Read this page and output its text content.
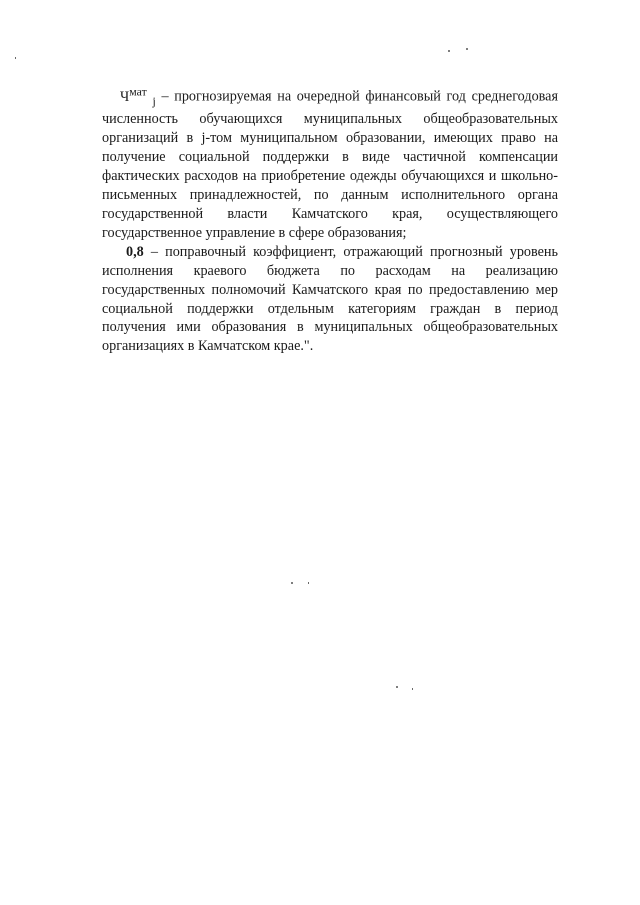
$Ч^{мат}$ $_j$ – прогнозируемая на очередной финансовый год среднегодовая численность обучающихся муниципальных общеобразовательных организаций в j-том муниципальном образовании, имеющих право на получение социальной поддержки в виде частичной компенсации фактических расходов на приобретение одежды обучающихся и школьно-письменных принадлежностей, по данным исполнительного органа государственной власти Камчатского края, осуществляющего государственное управление в сфере образования;

0,8 – поправочный коэффициент, отражающий прогнозный уровень исполнения краевого бюджета по расходам на реализацию государственных полномочий Камчатского края по предоставлению мер социальной поддержки отдельным категориям граждан в период получения ими образования в муниципальных общеобразовательных организациях в Камчатском крае.".
